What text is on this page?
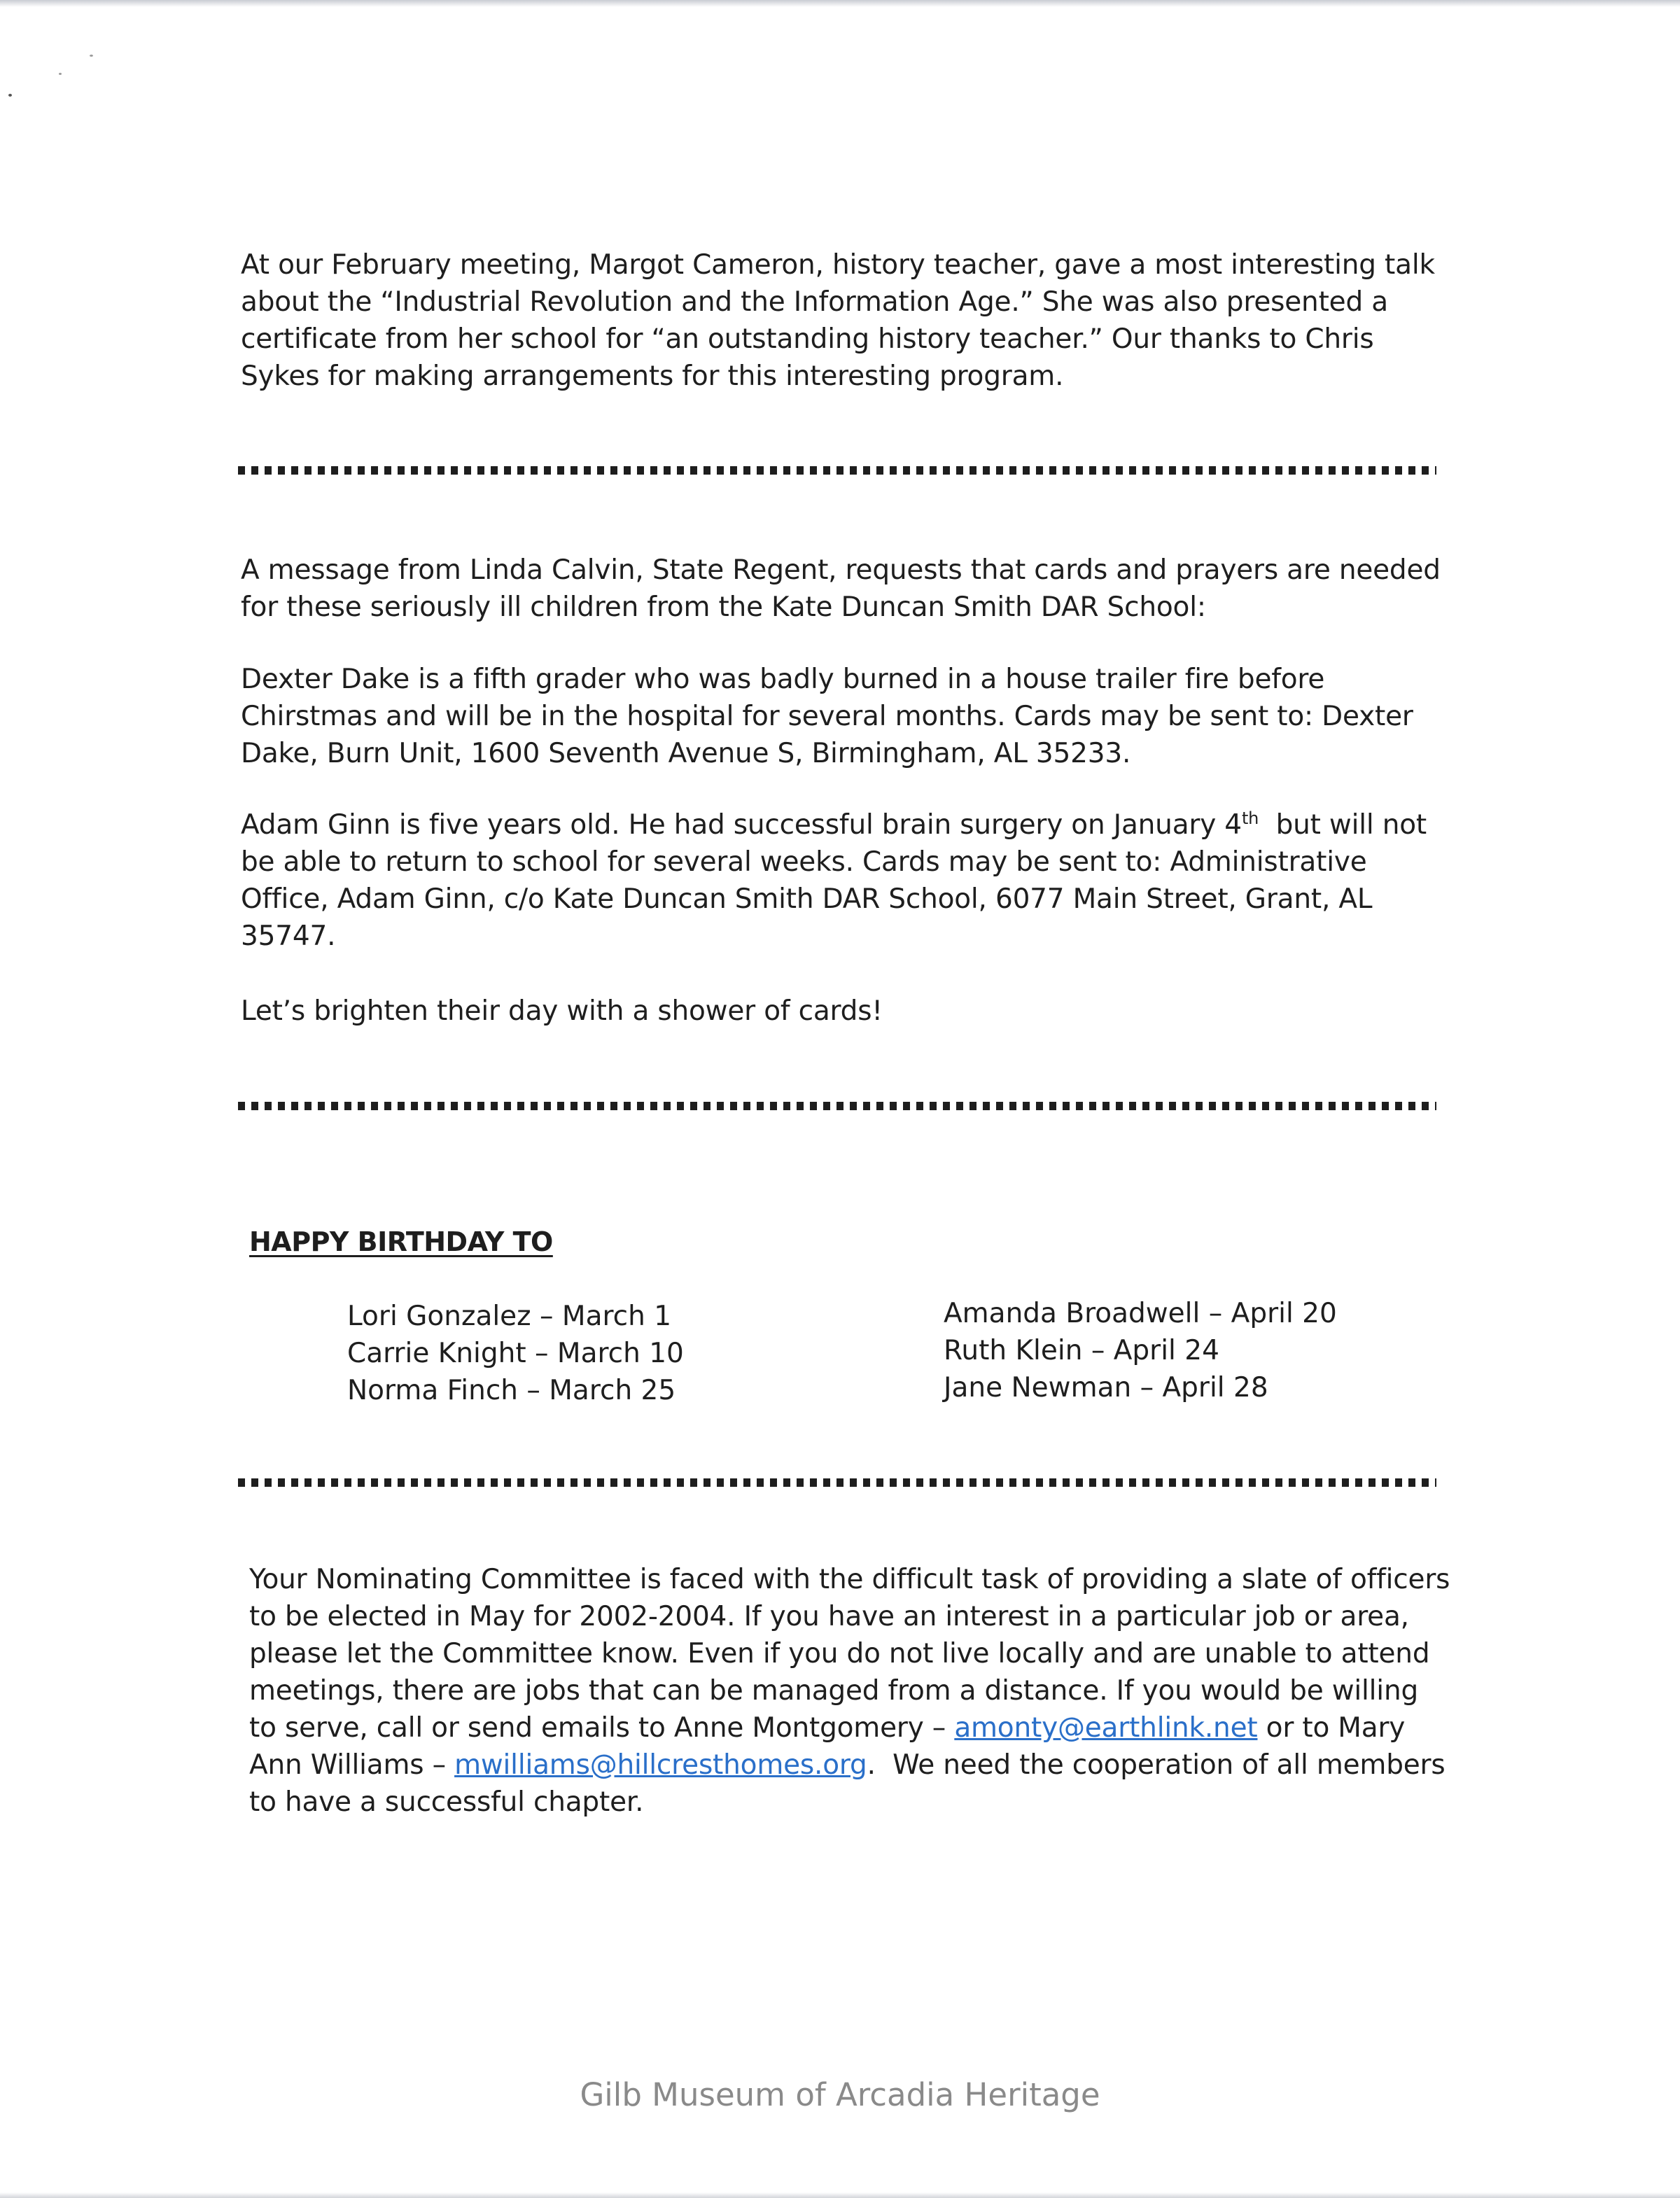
At our February meeting, Margot Cameron, history teacher, gave a most interesting talk
about the “Industrial Revolution and the Information Age.” She was also presented a
certificate from her school for “an outstanding history teacher.” Our thanks to Chris
Sykes for making arrangements for this interesting program.
A message from Linda Calvin, State Regent, requests that cards and prayers are needed
for these seriously ill children from the Kate Duncan Smith DAR School:
Dexter Dake is a fifth grader who was badly burned in a house trailer fire before
Chirstmas and will be in the hospital for several months. Cards may be sent to: Dexter
Dake, Burn Unit, 1600 Seventh Avenue S, Birmingham, AL 35233.
Adam Ginn is five years old. He had successful brain surgery on January 4th  but will not
be able to return to school for several weeks. Cards may be sent to: Administrative
Office, Adam Ginn, c/o Kate Duncan Smith DAR School, 6077 Main Street, Grant, AL
35747.
Let’s brighten their day with a shower of cards!
HAPPY BIRTHDAY TO
Lori Gonzalez – March 1
Carrie Knight – March 10
Norma Finch – March 25
Amanda Broadwell – April 20
Ruth Klein – April 24
Jane Newman – April 28
Your Nominating Committee is faced with the difficult task of providing a slate of officers
to be elected in May for 2002-2004. If you have an interest in a particular job or area,
please let the Committee know. Even if you do not live locally and are unable to attend
meetings, there are jobs that can be managed from a distance. If you would be willing
to serve, call or send emails to Anne Montgomery – amonty@earthlink.net or to Mary
Ann Williams – mwilliams@hillcresthomes.org.  We need the cooperation of all members
to have a successful chapter.

Gilb Museum of Arcadia Heritage
